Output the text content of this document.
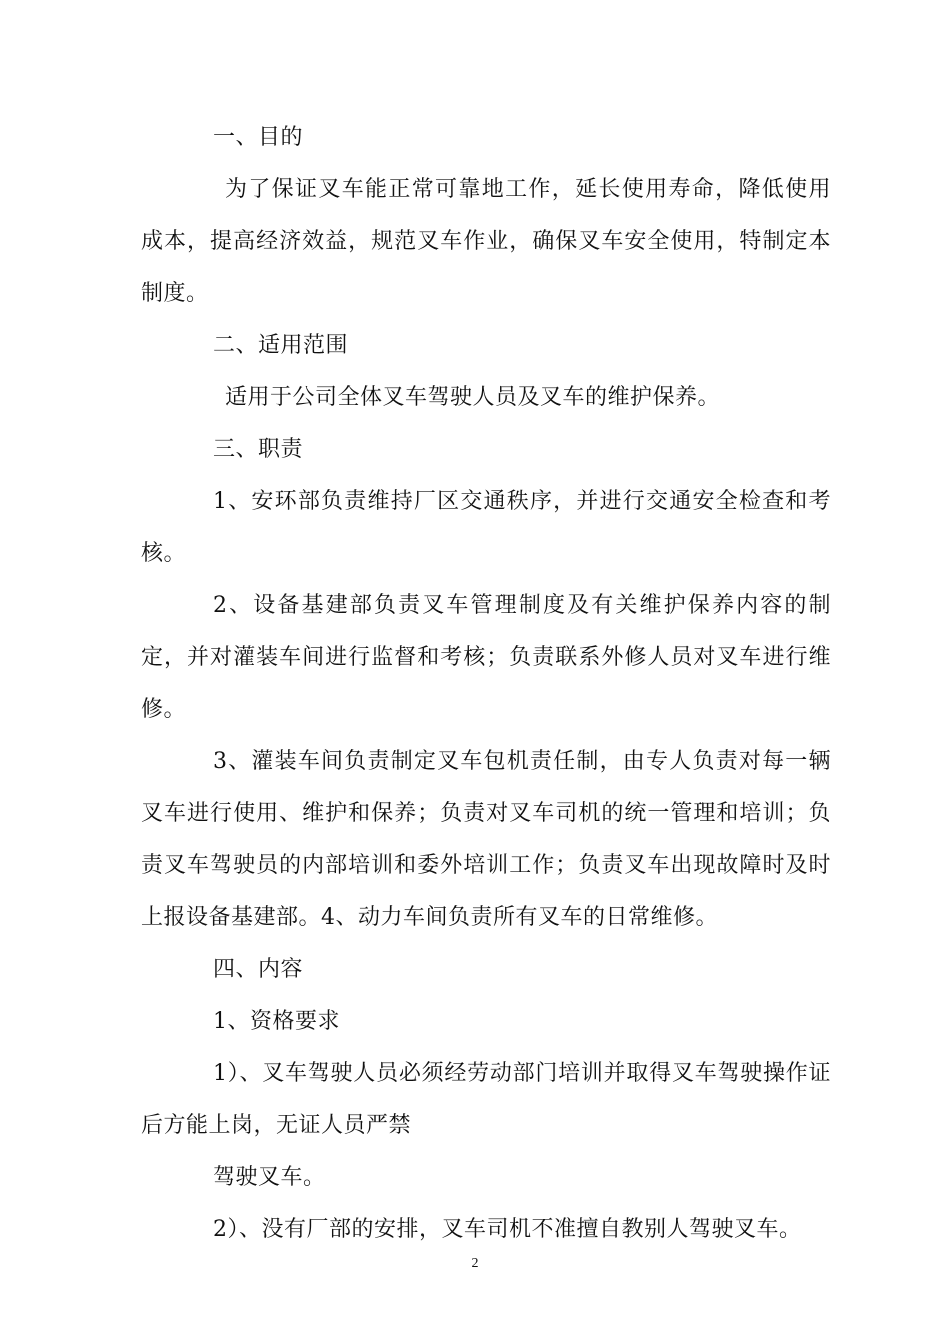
一、目的

为了保证叉车能正常可靠地工作，延长使用寿命，降低使用成本，提高经济效益，规范叉车作业，确保叉车安全使用，特制定本制度。

二、适用范围

适用于公司全体叉车驾驶人员及叉车的维护保养。

三、职责

1、安环部负责维持厂区交通秩序，并进行交通安全检查和考核。

2、设备基建部负责叉车管理制度及有关维护保养内容的制定，并对灌装车间进行监督和考核；负责联系外修人员对叉车进行维修。

3、灌装车间负责制定叉车包机责任制，由专人负责对每一辆叉车进行使用、维护和保养；负责对叉车司机的统一管理和培训；负责叉车驾驶员的内部培训和委外培训工作；负责叉车出现故障时及时上报设备基建部。4、动力车间负责所有叉车的日常维修。

四、内容

1、资格要求

1）、叉车驾驶人员必须经劳动部门培训并取得叉车驾驶操作证后方能上岗，无证人员严禁

驾驶叉车。

2）、没有厂部的安排，叉车司机不准擅自教别人驾驶叉车。

2
